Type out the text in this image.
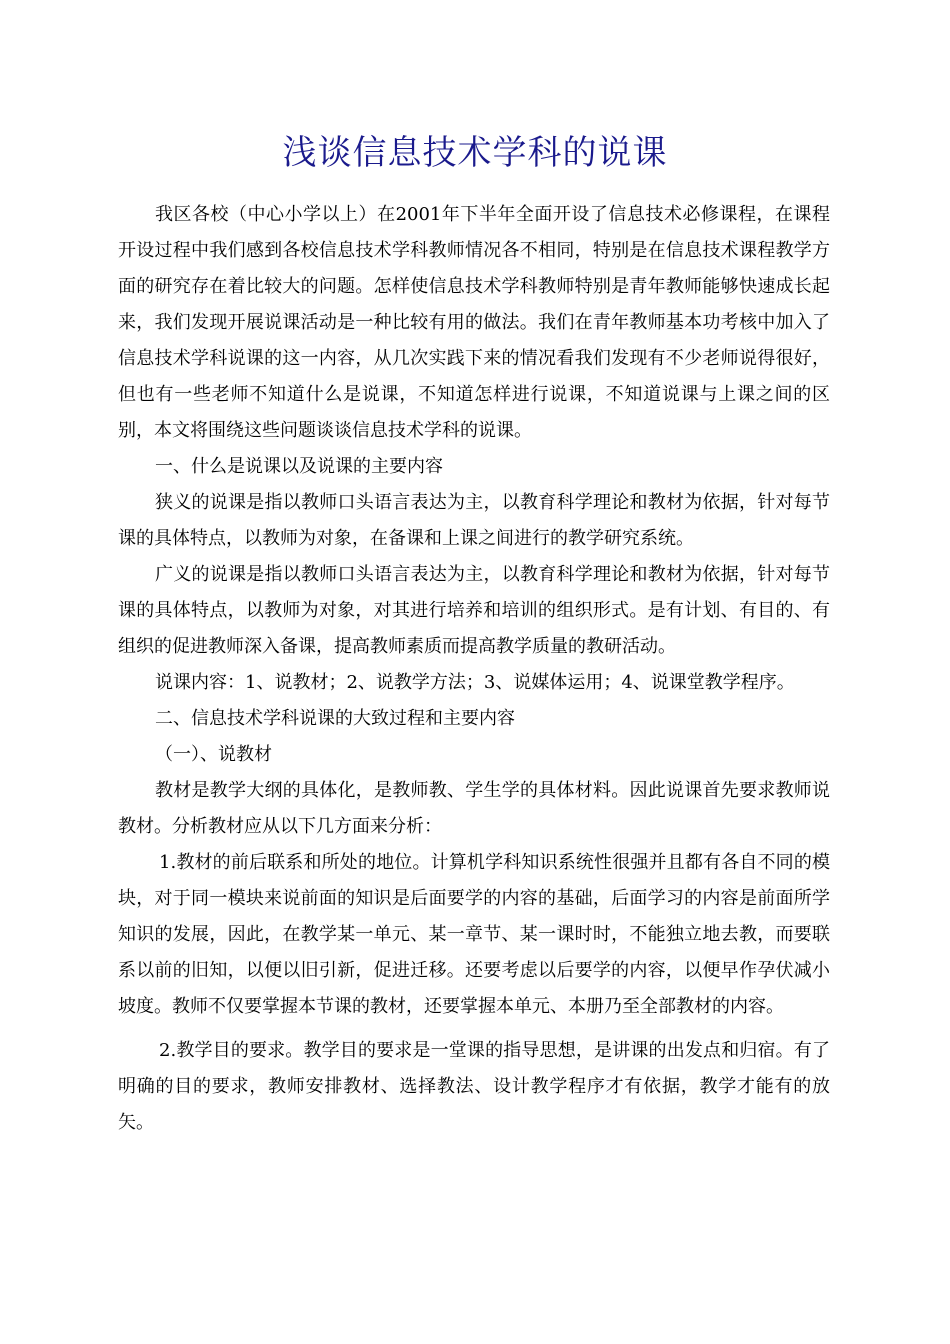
浅谈信息技术学科的说课

我区各校（中心小学以上）在2001年下半年全面开设了信息技术必修课程，在课程开设过程中我们感到各校信息技术学科教师情况各不相同，特别是在信息技术课程教学方面的研究存在着比较大的问题。怎样使信息技术学科教师特别是青年教师能够快速成长起来，我们发现开展说课活动是一种比较有用的做法。我们在青年教师基本功考核中加入了信息技术学科说课的这一内容，从几次实践下来的情况看我们发现有不少老师说得很好，但也有一些老师不知道什么是说课，不知道怎样进行说课，不知道说课与上课之间的区别，本文将围绕这些问题谈谈信息技术学科的说课。

一、什么是说课以及说课的主要内容

狭义的说课是指以教师口头语言表达为主，以教育科学理论和教材为依据，针对每节课的具体特点，以教师为对象，在备课和上课之间进行的教学研究系统。

广义的说课是指以教师口头语言表达为主，以教育科学理论和教材为依据，针对每节课的具体特点，以教师为对象，对其进行培养和培训的组织形式。是有计划、有目的、有组织的促进教师深入备课，提高教师素质而提高教学质量的教研活动。

说课内容：1、说教材；2、说教学方法；3、说媒体运用；4、说课堂教学程序。

二、信息技术学科说课的大致过程和主要内容

（一）、说教材

教材是教学大纲的具体化，是教师教、学生学的具体材料。因此说课首先要求教师说教材。分析教材应从以下几方面来分析：

1.教材的前后联系和所处的地位。计算机学科知识系统性很强并且都有各自不同的模块，对于同一模块来说前面的知识是后面要学的内容的基础，后面学习的内容是前面所学知识的发展，因此，在教学某一单元、某一章节、某一课时时，不能独立地去教，而要联系以前的旧知，以便以旧引新，促进迁移。还要考虑以后要学的内容，以便早作孕伏减小坡度。教师不仅要掌握本节课的教材，还要掌握本单元、本册乃至全部教材的内容。

2.教学目的要求。教学目的要求是一堂课的指导思想，是讲课的出发点和归宿。有了明确的目的要求，教师安排教材、选择教法、设计教学程序才有依据，教学才能有的放矢。
